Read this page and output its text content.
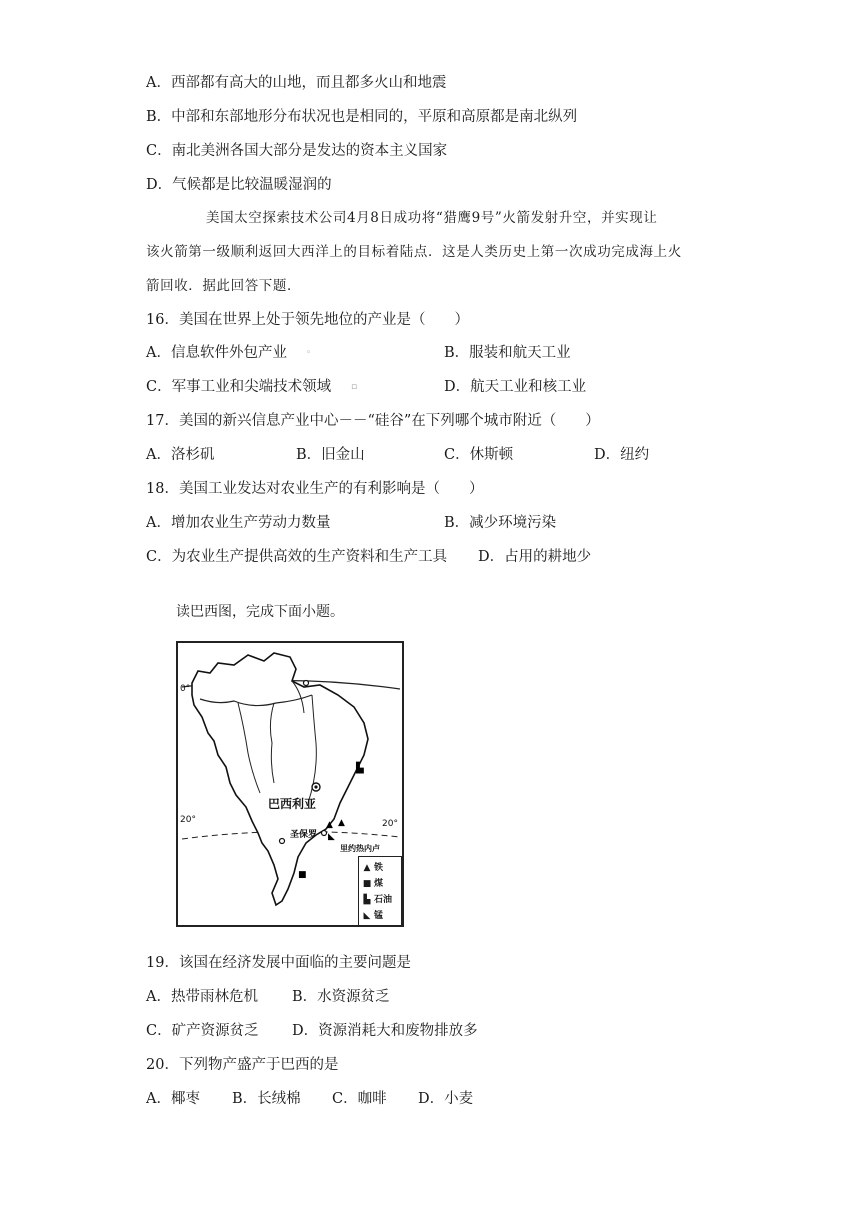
A．西部都有高大的山地，而且都多火山和地震
B．中部和东部地形分布状况也是相同的，平原和高原都是南北纵列
C．南北美洲各国大部分是发达的资本主义国家
D．气候都是比较温暖湿润的
美国太空探索技术公司4月8日成功将“猎鹰9号”火箭发射升空，并实现让
该火箭第一级顺利返回大西洋上的目标着陆点．这是人类历史上第一次成功完成海上火
箭回收．据此回答下题．
16．美国在世界上处于领先地位的产业是（　　）
A．信息软件外包产业 ◦	B．服装和航天工业
C．军事工业和尖端技术领域 ▫	D．航天工业和核工业
17．美国的新兴信息产业中心－－“硅谷”在下列哪个城市附近（　　）
A．洛杉矶	B．旧金山	C．休斯顿	D．纽约
18．美国工业发达对农业生产的有利影响是（　　）
A．增加农业生产劳动力数量	B．减少环境污染
C．为农业生产提供高效的生产资料和生产工具 D．占用的耕地少
读巴西图，完成下面小题。
▙
▲
▲
◣
■
0°
20°	20°
巴西利亚
圣保罗
里约热内卢
▲ 铁
■ 煤
▙ 石油
◣ 锰
19．该国在经济发展中面临的主要问题是
A．热带雨林危机 B．水资源贫乏
C．矿产资源贫乏 D．资源消耗大和废物排放多
20．下列物产盛产于巴西的是
A．椰枣 B．长绒棉 C．咖啡 D．小麦
